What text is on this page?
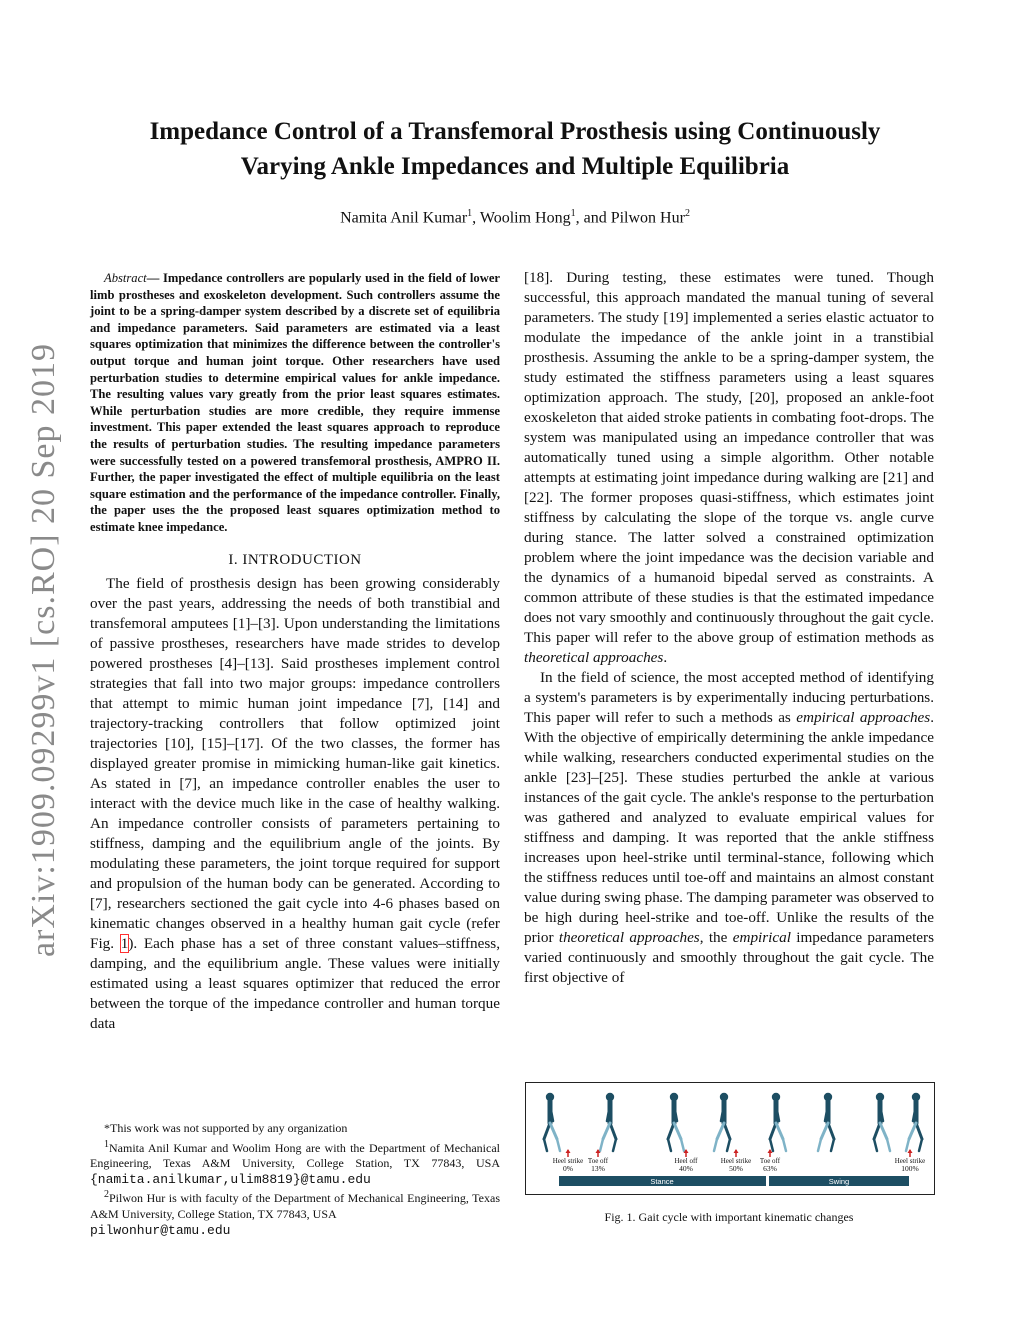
arXiv:1909.09299v1 [cs.RO] 20 Sep 2019
Impedance Control of a Transfemoral Prosthesis using Continuously
Varying Ankle Impedances and Multiple Equilibria
Namita Anil Kumar$^1$, Woolim Hong$^1$, and Pilwon Hur$^2$

Abstract— Impedance controllers are popularly used in the field of lower limb prostheses and exoskeleton development. Such controllers assume the joint to be a spring-damper system described by a discrete set of equilibria and impedance parameters. Said parameters are estimated via a least squares optimization that minimizes the difference between the controller's output torque and human joint torque. Other researchers have used perturbation studies to determine empirical values for ankle impedance. The resulting values vary greatly from the prior least squares estimates. While perturbation studies are more credible, they require immense investment. This paper extended the least squares approach to reproduce the results of perturbation studies. The resulting impedance parameters were successfully tested on a powered transfemoral prosthesis, AMPRO II. Further, the paper investigated the effect of multiple equilibria on the least square estimation and the performance of the impedance controller. Finally, the paper uses the the proposed least squares optimization method to estimate knee impedance.

I. INTRODUCTION

The field of prosthesis design has been growing considerably over the past years, addressing the needs of both transtibial and transfemoral amputees [1]–[3]. Upon understanding the limitations of passive prostheses, researchers have made strides to develop powered prostheses [4]–[13]. Said prostheses implement control strategies that fall into two major groups: impedance controllers that attempt to mimic human joint impedance [7], [14] and trajectory-tracking controllers that follow optimized joint trajectories [10], [15]–[17]. Of the two classes, the former has displayed greater promise in mimicking human-like gait kinetics. As stated in [7], an impedance controller enables the user to interact with the device much like in the case of healthy walking. An impedance controller consists of parameters pertaining to stiffness, damping and the equilibrium angle of the joints. By modulating these parameters, the joint torque required for support and propulsion of the human body can be generated. According to [7], researchers sectioned the gait cycle into 4-6 phases based on kinematic changes observed in a healthy human gait cycle (refer Fig. 1). Each phase has a set of three constant values–stiffness, damping, and the equilibrium angle. These values were initially estimated using a least squares optimizer that reduced the error between the torque of the impedance controller and human torque data

*This work was not supported by any organization

$^1$Namita Anil Kumar and Woolim Hong are with the Department of Mechanical Engineering, Texas A&M University, College Station, TX 77843, USA {namita.anilkumar,ulim8819}@tamu.edu

$^2$Pilwon Hur is with faculty of the Department of Mechanical Engineering, Texas A&M University, College Station, TX 77843, USA
pilwonhur@tamu.edu

[18]. During testing, these estimates were tuned. Though successful, this approach mandated the manual tuning of several parameters. The study [19] implemented a series elastic actuator to modulate the impedance of the ankle joint in a transtibial prosthesis. Assuming the ankle to be a spring-damper system, the study estimated the stiffness parameters using a least squares optimization approach. The study, [20], proposed an ankle-foot exoskeleton that aided stroke patients in combating foot-drops. The system was manipulated using an impedance controller that was automatically tuned using a simple algorithm. Other notable attempts at estimating joint impedance during walking are [21] and [22]. The former proposes quasi-stiffness, which estimates joint stiffness by calculating the slope of the torque vs. angle curve during stance. The latter solved a constrained optimization problem where the joint impedance was the decision variable and the dynamics of a humanoid bipedal served as constraints. A common attribute of these studies is that the estimated impedance does not vary smoothly and continuously throughout the gait cycle. This paper will refer to the above group of estimation methods as theoretical approaches.

In the field of science, the most accepted method of identifying a system's parameters is by experimentally inducing perturbations. This paper will refer to such a methods as empirical approaches. With the objective of empirically determining the ankle impedance while walking, researchers conducted experimental studies on the ankle [23]–[25]. These studies perturbed the ankle at various instances of the gait cycle. The ankle's response to the perturbation was gathered and analyzed to evaluate empirical values for stiffness and damping. It was reported that the ankle stiffness increases upon heel-strike until terminal-stance, following which the stiffness reduces until toe-off and maintains an almost constant value during swing phase. The damping parameter was observed to be high during heel-strike and toe-off. Unlike the results of the prior theoretical approaches, the empirical impedance parameters varied continuously and smoothly throughout the gait cycle. The first objective of

Heel strike
0%
Toe off
13%
Heel off
40%
Heel strike
50%
Toe off
63%
Heel strike
100%
Stance	Swing
Fig. 1. Gait cycle with important kinematic changes
